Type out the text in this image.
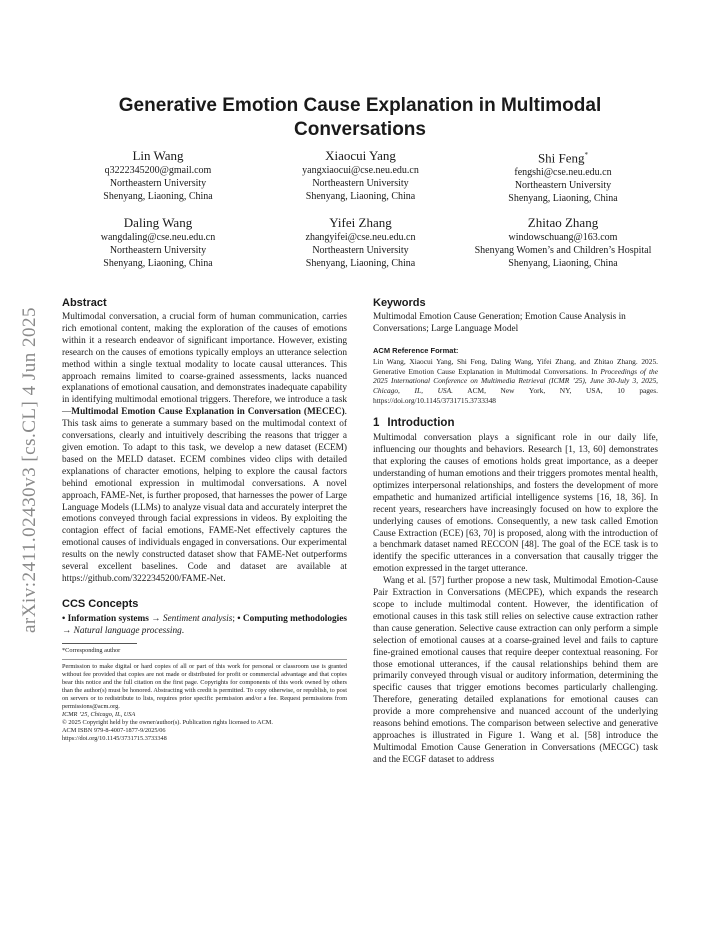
arXiv:2411.02430v3 [cs.CL] 4 Jun 2025
Generative Emotion Cause Explanation in Multimodal Conversations
Lin Wang
q3222345200@gmail.com
Northeastern University
Shenyang, Liaoning, China
Xiaocui Yang
yangxiaocui@cse.neu.edu.cn
Northeastern University
Shenyang, Liaoning, China
Shi Feng*
fengshi@cse.neu.edu.cn
Northeastern University
Shenyang, Liaoning, China
Daling Wang
wangdaling@cse.neu.edu.cn
Northeastern University
Shenyang, Liaoning, China
Yifei Zhang
zhangyifei@cse.neu.edu.cn
Northeastern University
Shenyang, Liaoning, China
Zhitao Zhang
windowschuang@163.com
Shenyang Women’s and Children’s Hospital
Shenyang, Liaoning, China
Abstract

Multimodal conversation, a crucial form of human communication, carries rich emotional content, making the exploration of the causes of emotions within it a research endeavor of significant importance. However, existing research on the causes of emotions typically employs an utterance selection method within a single textual modality to locate causal utterances. This approach remains limited to coarse-grained assessments, lacks nuanced explanations of emotional causation, and demonstrates inadequate capability in identifying multimodal emotional triggers. Therefore, we introduce a task—Multimodal Emotion Cause Explanation in Conversation (MECEC). This task aims to generate a summary based on the multimodal context of conversations, clearly and intuitively describing the reasons that trigger a given emotion. To adapt to this task, we develop a new dataset (ECEM) based on the MELD dataset. ECEM combines video clips with detailed explanations of character emotions, helping to explore the causal factors behind emotional expression in multimodal conversations. A novel approach, FAME-Net, is further proposed, that harnesses the power of Large Language Models (LLMs) to analyze visual data and accurately interpret the emotions conveyed through facial expressions in videos. By exploiting the contagion effect of facial emotions, FAME-Net effectively captures the emotional causes of individuals engaged in conversations. Our experimental results on the newly constructed dataset show that FAME-Net outperforms several excellent baselines. Code and dataset are available at https://github.com/3222345200/FAME-Net.

CCS Concepts
• Information systems → Sentiment analysis; • Computing methodologies → Natural language processing.
*Corresponding author

Permission to make digital or hard copies of all or part of this work for personal or classroom use is granted without fee provided that copies are not made or distributed for profit or commercial advantage and that copies bear this notice and the full citation on the first page. Copyrights for components of this work owned by others than the author(s) must be honored. Abstracting with credit is permitted. To copy otherwise, or republish, to post on servers or to redistribute to lists, requires prior specific permission and/or a fee. Request permissions from permissions@acm.org.

ICMR ’25, Chicago, IL, USA
© 2025 Copyright held by the owner/author(s). Publication rights licensed to ACM.
ACM ISBN 979-8-4007-1877-9/2025/06
https://doi.org/10.1145/3731715.3733348
Keywords

Multimodal Emotion Cause Generation; Emotion Cause Analysis in Conversations; Large Language Model

ACM Reference Format:
Lin Wang, Xiaocui Yang, Shi Feng, Daling Wang, Yifei Zhang, and Zhitao Zhang. 2025. Generative Emotion Cause Explanation in Multimodal Conversations. In Proceedings of the 2025 International Conference on Multimedia Retrieval (ICMR ’25), June 30-July 3, 2025, Chicago, IL, USA. ACM, New York, NY, USA, 10 pages. https://doi.org/10.1145/3731715.3733348
1 Introduction

Multimodal conversation plays a significant role in our daily life, influencing our thoughts and behaviors. Research [1, 13, 60] demonstrates that exploring the causes of emotions holds great importance, as a deeper understanding of human emotions and their triggers promotes mental health, optimizes interpersonal relationships, and fosters the development of more empathetic and humanized artificial intelligence systems [16, 18, 36]. In recent years, researchers have increasingly focused on how to explore the underlying causes of emotions. Consequently, a new task called Emotion Cause Extraction (ECE) [63, 70] is proposed, along with the introduction of a benchmark dataset named RECCON [48]. The goal of the ECE task is to identify the specific utterances in a conversation that causally trigger the emotion expressed in the target utterance.

Wang et al. [57] further propose a new task, Multimodal Emotion-Cause Pair Extraction in Conversations (MECPE), which expands the research scope to include multimodal content. However, the identification of emotional causes in this task still relies on selective cause extraction rather than cause generation. Selective cause extraction can only perform a simple selection of emotional causes at a coarse-grained level and fails to capture fine-grained emotional causes that require deeper contextual reasoning. For those emotional utterances, if the causal relationships behind them are primarily conveyed through visual or auditory information, determining the specific causes that trigger emotions becomes particularly challenging. Therefore, generating detailed explanations for emotional causes can provide a more comprehensive and nuanced account of the underlying reasons behind emotions. The comparison between selective and generative approaches is illustrated in Figure 1. Wang et al. [58] introduce the Multimodal Emotion Cause Generation in Conversations (MECGC) task and the ECGF dataset to address
